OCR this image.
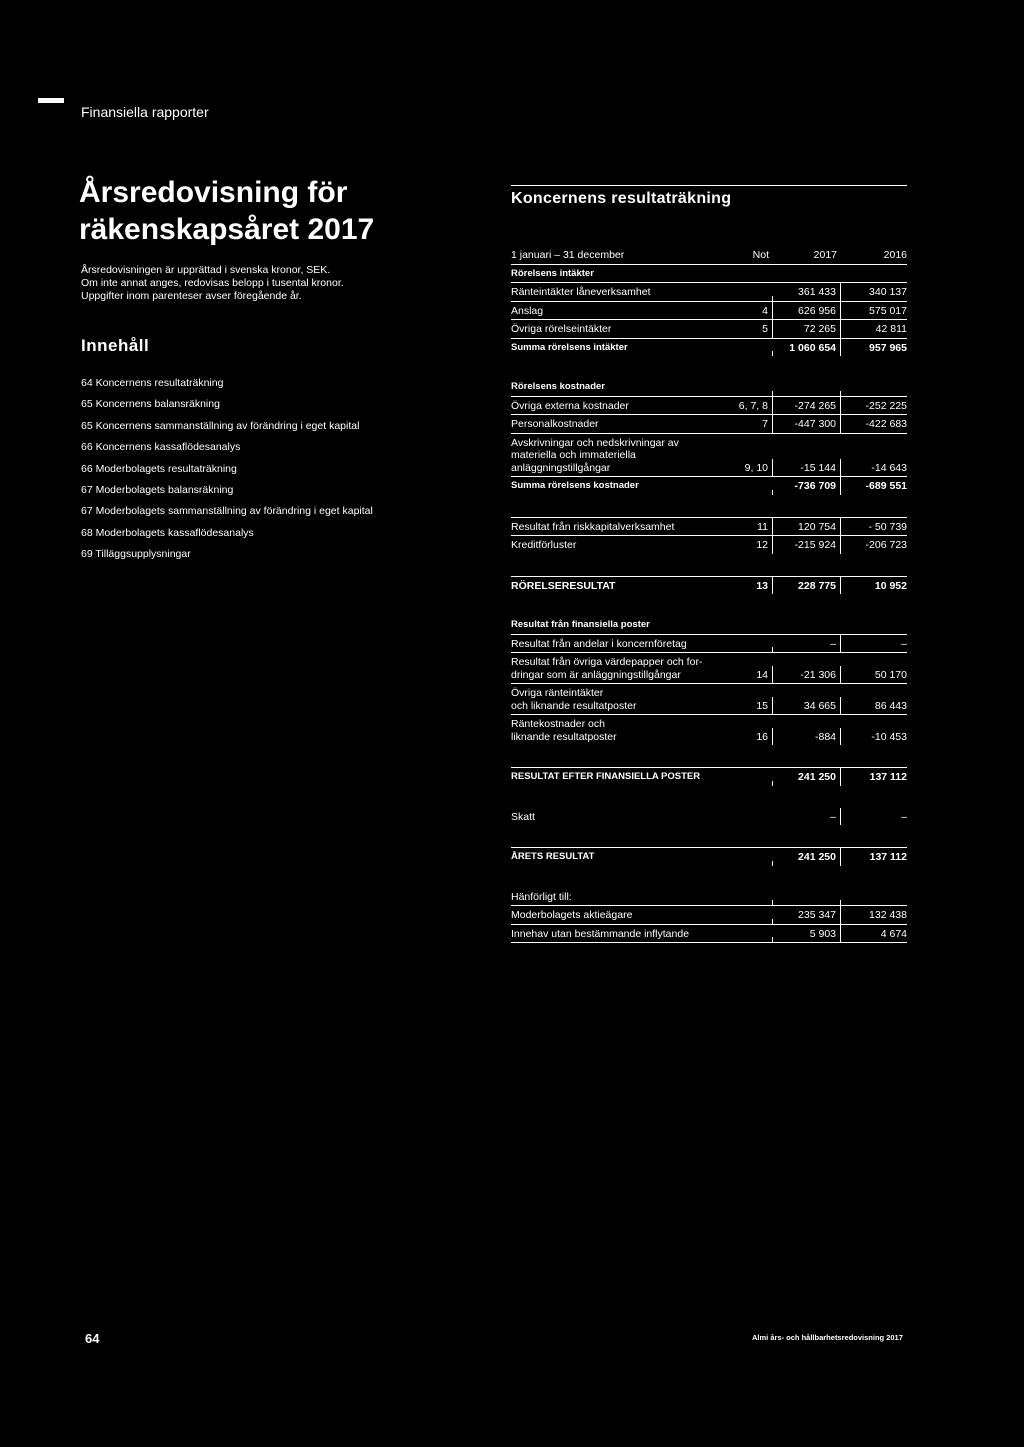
Finansiella rapporter
Årsredovisning för
räkenskapsåret 2017
Årsredovisningen är upprättad i svenska kronor, SEK.
Om inte annat anges, redovisas belopp i tusental kronor.
Uppgifter inom parenteser avser föregående år.
Innehåll
64 Koncernens resultaträkning
65 Koncernens balansräkning
65 Koncernens sammanställning av förändring i eget kapital
66 Koncernens kassaflödesanalys
66 Moderbolagets resultaträkning
67 Moderbolagets balansräkning
67 Moderbolagets sammanställning av förändring i eget kapital
68 Moderbolagets kassaflödesanalys
69 Tilläggsupplysningar
Koncernens resultaträkning
1 januari – 31 december	Not	2017	2016
Rörelsens intäkter
Ränteintäkter låneverksamhet	361 433	340 137
Anslag	4	626 956	575 017
Övriga rörelseintäkter	5	72 265	42 811
Summa rörelsens intäkter	1 060 654	957 965
Rörelsens kostnader
Övriga externa kostnader	6, 7, 8	-274 265	-252 225
Personalkostnader	7	-447 300	-422 683
Avskrivningar och nedskrivningar av
materiella och immateriella
anläggningstillgångar	9, 10	-15 144	-14 643
Summa rörelsens kostnader	-736 709	-689 551
Resultat från riskkapitalverksamhet	11	120 754	- 50 739
Kreditförluster	12	-215 924	-206 723
RÖRELSERESULTAT	13	228 775	10 952
Resultat från finansiella poster
Resultat från andelar i koncernföretag	–	–
Resultat från övriga värdepapper och for-
dringar som är anläggningstillgångar	14	-21 306	50 170
Övriga ränteintäkter
och liknande resultatposter	15	34 665	86 443
Räntekostnader och
liknande resultatposter	16	-884	-10 453
RESULTAT EFTER FINANSIELLA POSTER	241 250	137 112
Skatt	–	–
ÅRETS RESULTAT	241 250	137 112
Hänförligt till:
Moderbolagets aktieägare	235 347	132 438
Innehav utan bestämmande inflytande	5 903	4 674
64	Almi års- och hållbarhetsredovisning 2017
